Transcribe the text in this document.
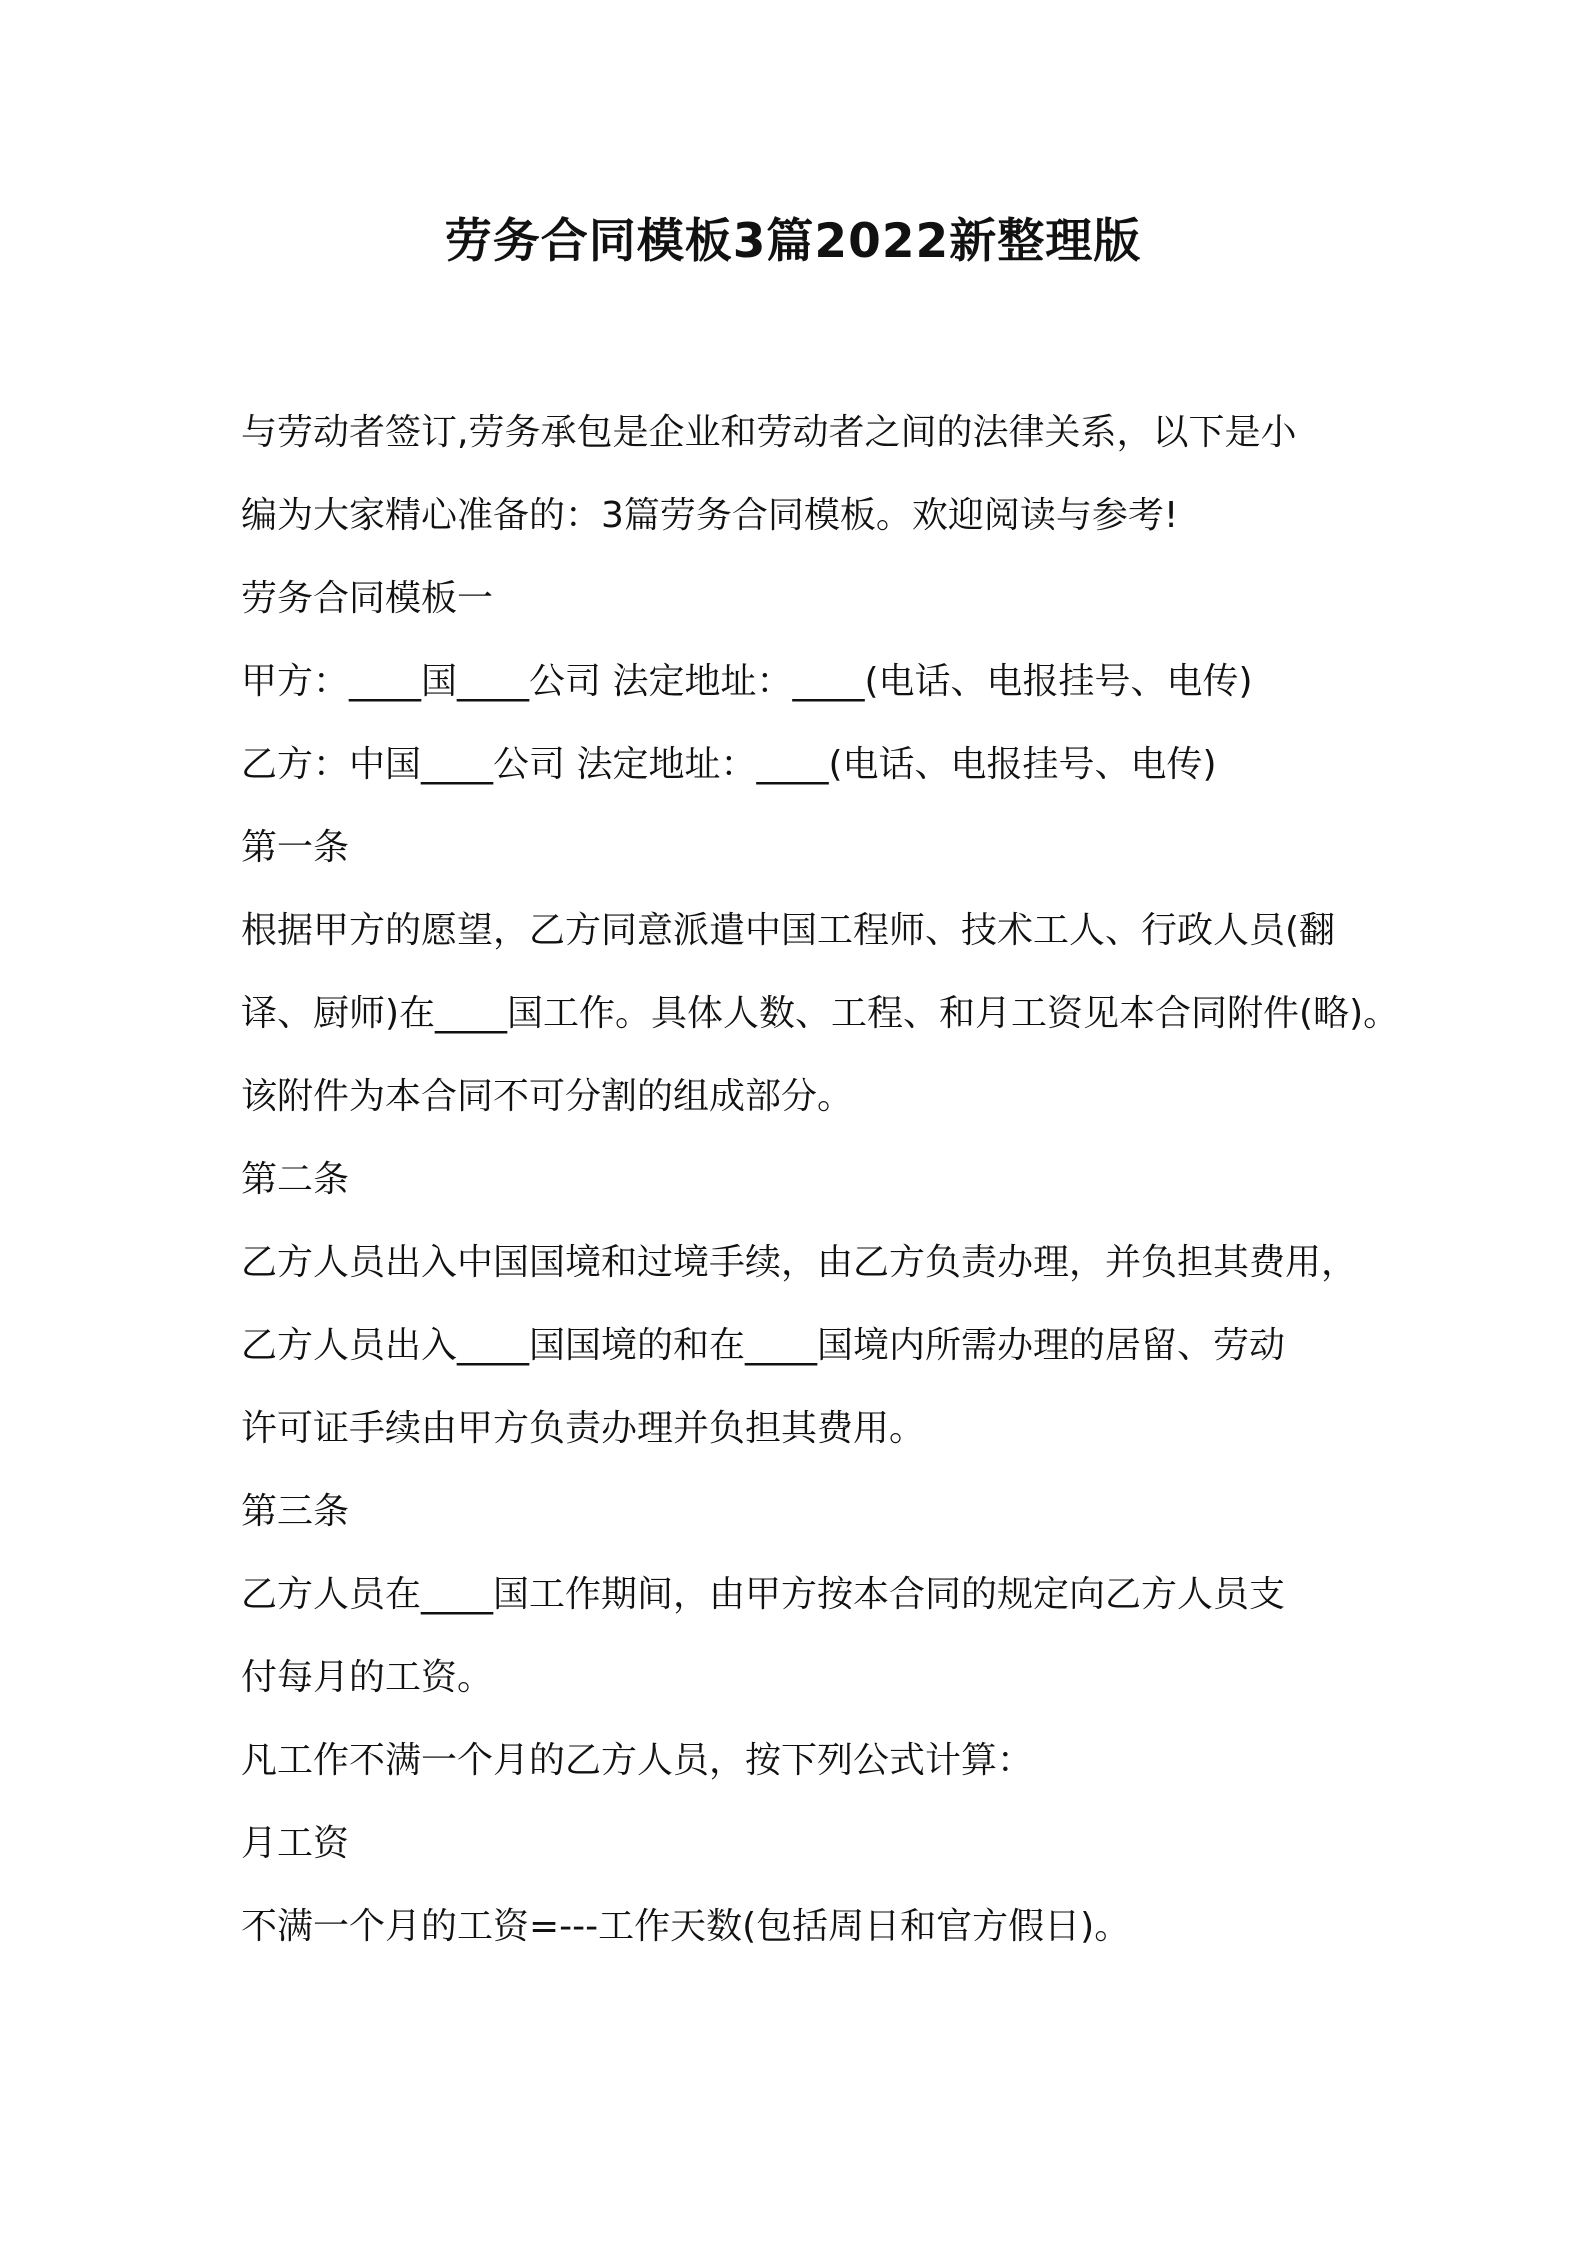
劳务合同模板3篇2022新整理版

与劳动者签订,劳务承包是企业和劳动者之间的法律关系，以下是小

编为大家精心准备的：3篇劳务合同模板。欢迎阅读与参考!

劳务合同模板一

甲方：____国____公司 法定地址：____(电话、电报挂号、电传)

乙方：中国____公司 法定地址：____(电话、电报挂号、电传)

第一条

根据甲方的愿望，乙方同意派遣中国工程师、技术工人、行政人员(翻

译、厨师)在____国工作。具体人数、工程、和月工资见本合同附件(略)。

该附件为本合同不可分割的组成部分。

第二条

乙方人员出入中国国境和过境手续，由乙方负责办理，并负担其费用，

乙方人员出入____国国境的和在____国境内所需办理的居留、劳动

许可证手续由甲方负责办理并负担其费用。

第三条

乙方人员在____国工作期间，由甲方按本合同的规定向乙方人员支

付每月的工资。

凡工作不满一个月的乙方人员，按下列公式计算：

月工资

不满一个月的工资=---工作天数(包括周日和官方假日)。
